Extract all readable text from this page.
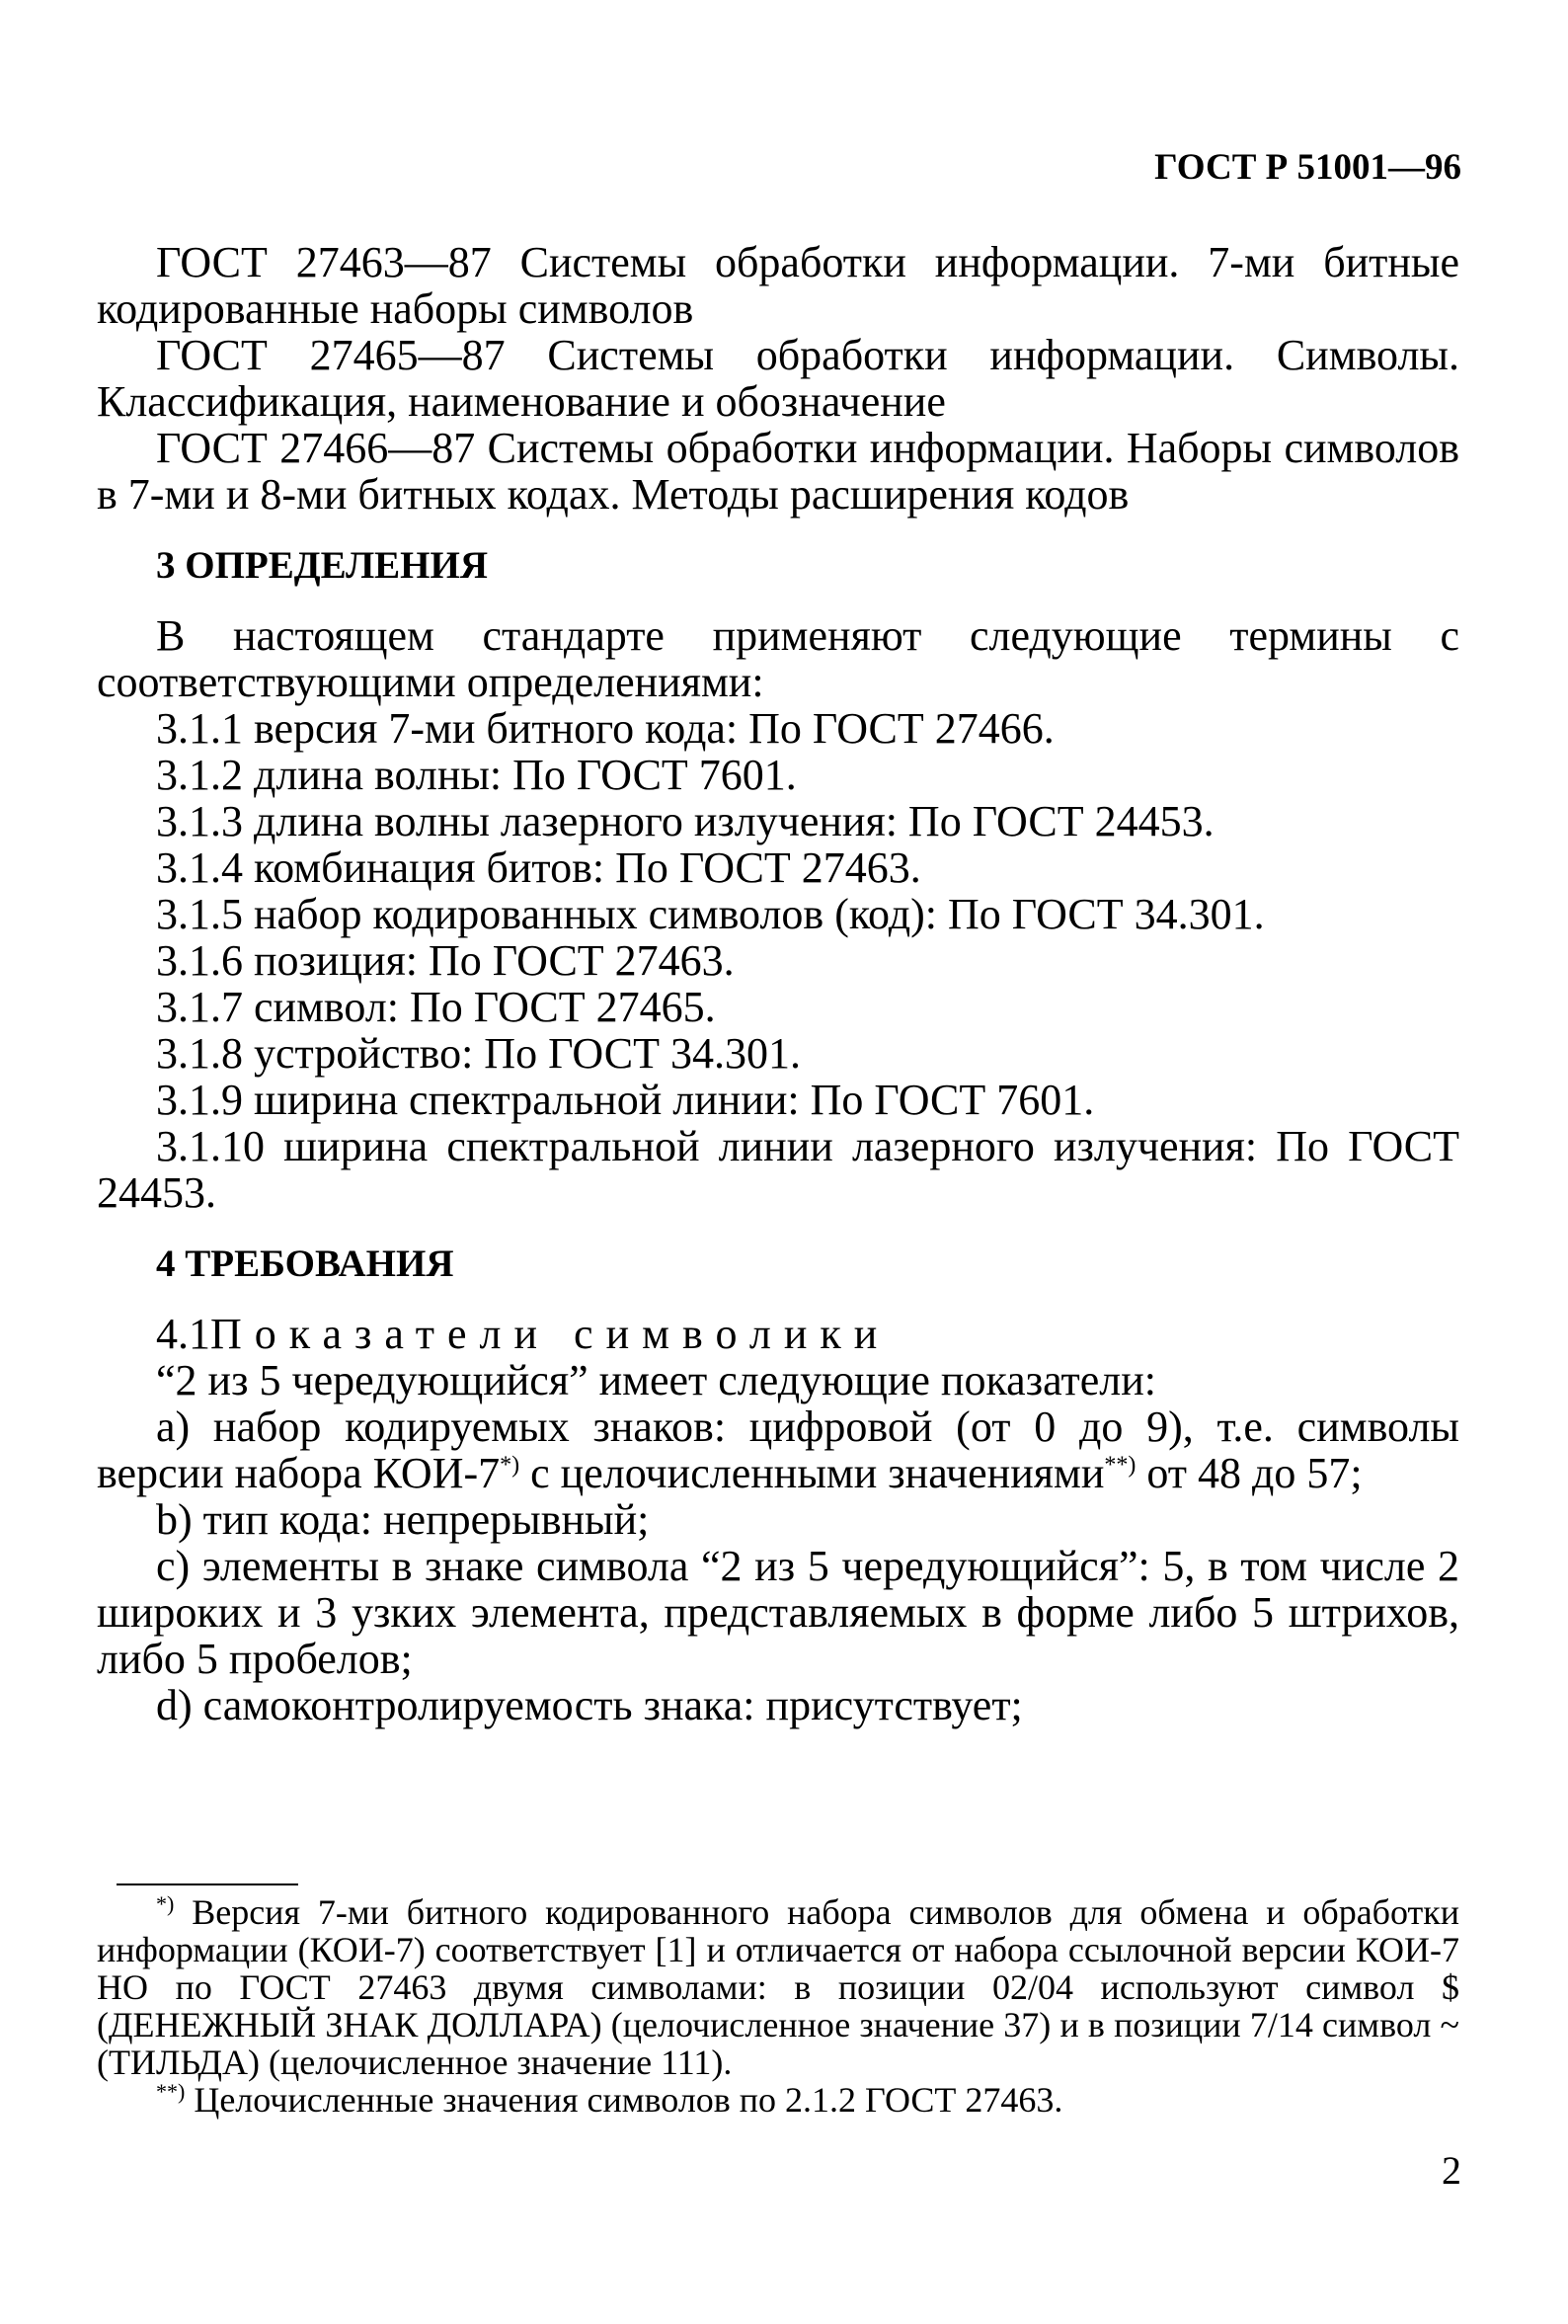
ГОСТ Р 51001—96

ГОСТ 27463—87 Системы обработки информации. 7-ми битные кодированные наборы символов

ГОСТ 27465—87 Системы обработки информации. Символы. Классификация, наименование и обозначение

ГОСТ 27466—87 Системы обработки информации. Наборы символов в 7-ми и 8-ми битных кодах. Методы расширения кодов

3 ОПРЕДЕЛЕНИЯ

В настоящем стандарте применяют следующие термины с соответствующими определениями:

3.1.1 версия 7-ми битного кода: По ГОСТ 27466.

3.1.2 длина волны: По ГОСТ 7601.

3.1.3 длина волны лазерного излучения: По ГОСТ 24453.

3.1.4 комбинация битов: По ГОСТ 27463.

3.1.5 набор кодированных символов (код): По ГОСТ 34.301.

3.1.6 позиция: По ГОСТ 27463.

3.1.7 символ: По ГОСТ 27465.

3.1.8 устройство: По ГОСТ 34.301.

3.1.9 ширина спектральной линии: По ГОСТ 7601.

3.1.10 ширина спектральной линии лазерного излучения: По ГОСТ 24453.

4 ТРЕБОВАНИЯ

4.1Показатели символики

“2 из 5 чередующийся” имеет следующие показатели:

а) набор кодируемых знаков: цифровой (от 0 до 9), т.е. символы версии набора КОИ-7*) с целочисленными значениями**) от 48 до 57;

b) тип кода: непрерывный;

с) элементы в знаке символа “2 из 5 чередующийся”: 5, в том числе 2 широких и 3 узких элемента, представляемых в форме либо 5 штрихов, либо 5 пробелов;

d) самоконтролируемость знака: присутствует;

*) Версия 7-ми битного кодированного набора символов для обмена и обработки информации (КОИ-7) соответствует [1] и отличается от набора ссылочной версии КОИ-7 НО по ГОСТ 27463 двумя символами: в позиции 02/04 используют символ $ (ДЕНЕЖНЫЙ ЗНАК ДОЛЛАРА) (целочисленное значение 37) и в позиции 7/14 символ ~ (ТИЛЬДА) (целочисленное значение 111).

**) Целочисленные значения символов по 2.1.2 ГОСТ 27463.

2
